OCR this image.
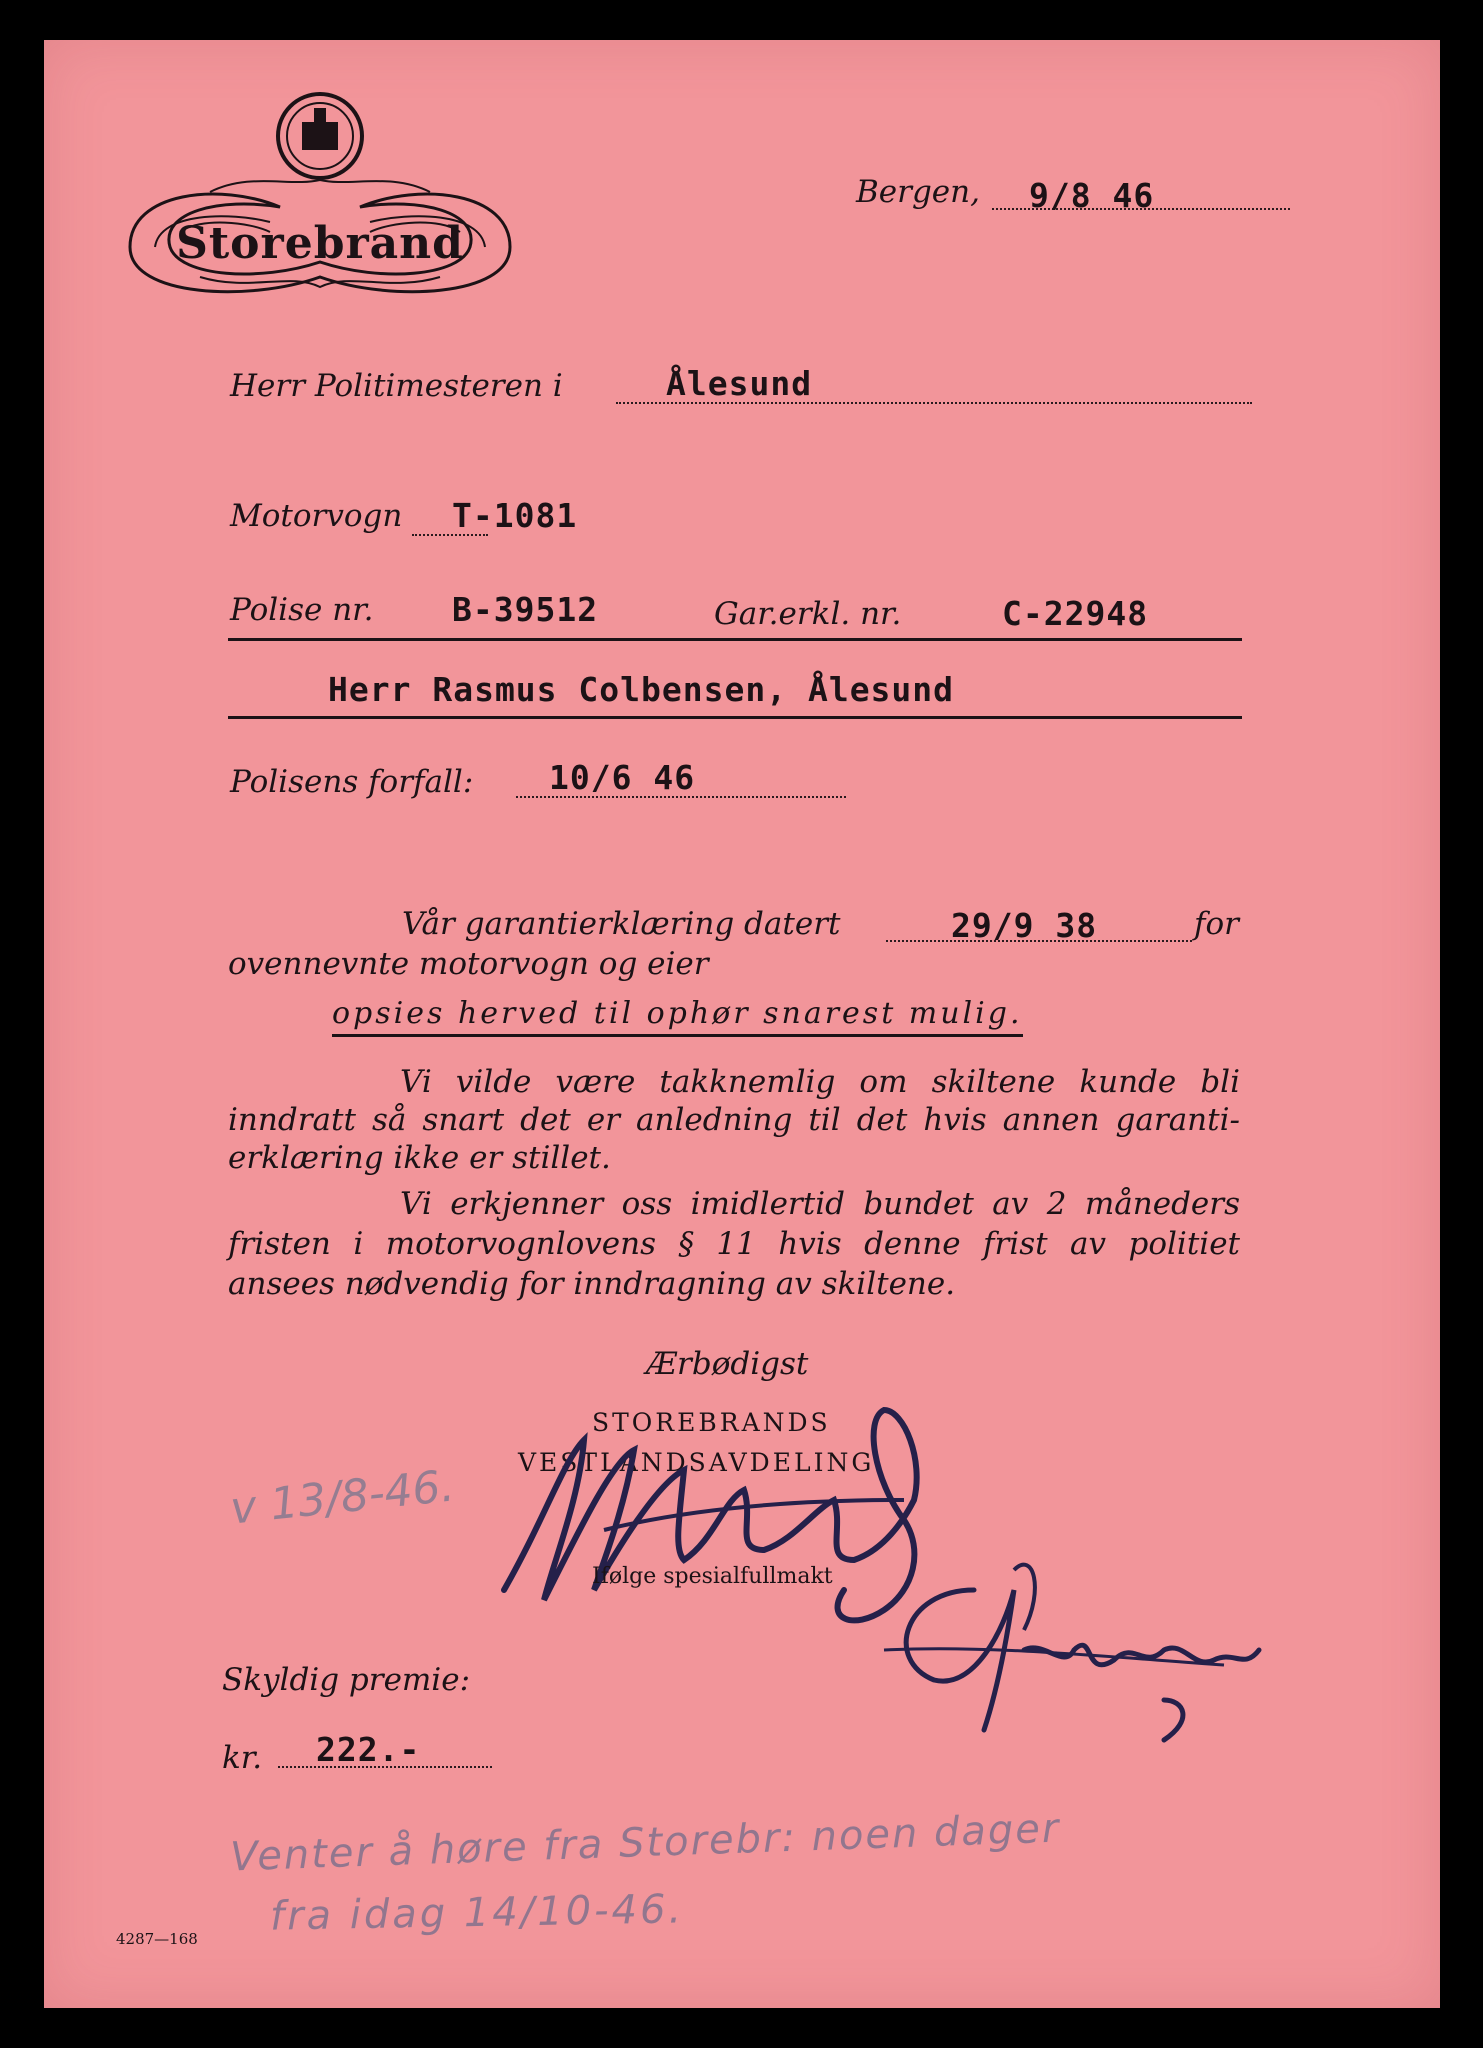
Storebrand
Bergen, 9/8 46
Herr Politimesteren i	Ålesund
Motorvogn T-1081
Polise nr. B-39512	Gar.erkl. nr.	C-22948
Herr Rasmus Colbensen, Ålesund
Polisens forfall: 10/6 46
Vår garantierklæring datert	29/9 38	for
ovennevnte motorvogn og eier
opsies herved til ophør snarest mulig.
Vi vilde være takknemlig om skiltene kunde bli
inndratt så snart det er anledning til det hvis annen garanti-
erklæring ikke er stillet.
Vi erkjenner oss imidlertid bundet av 2 måneders
fristen i motorvognlovens § 11 hvis denne frist av politiet
ansees nødvendig for inndragning av skiltene.
Ærbødigst
STOREBRANDS
VESTLANDSAVDELING
v 13/8-46.
Ifølge spesialfullmakt
Skyldig premie:
kr. 222.-
Venter å høre fra Storebr: noen dager
fra idag 14/10-46.
4287—168
